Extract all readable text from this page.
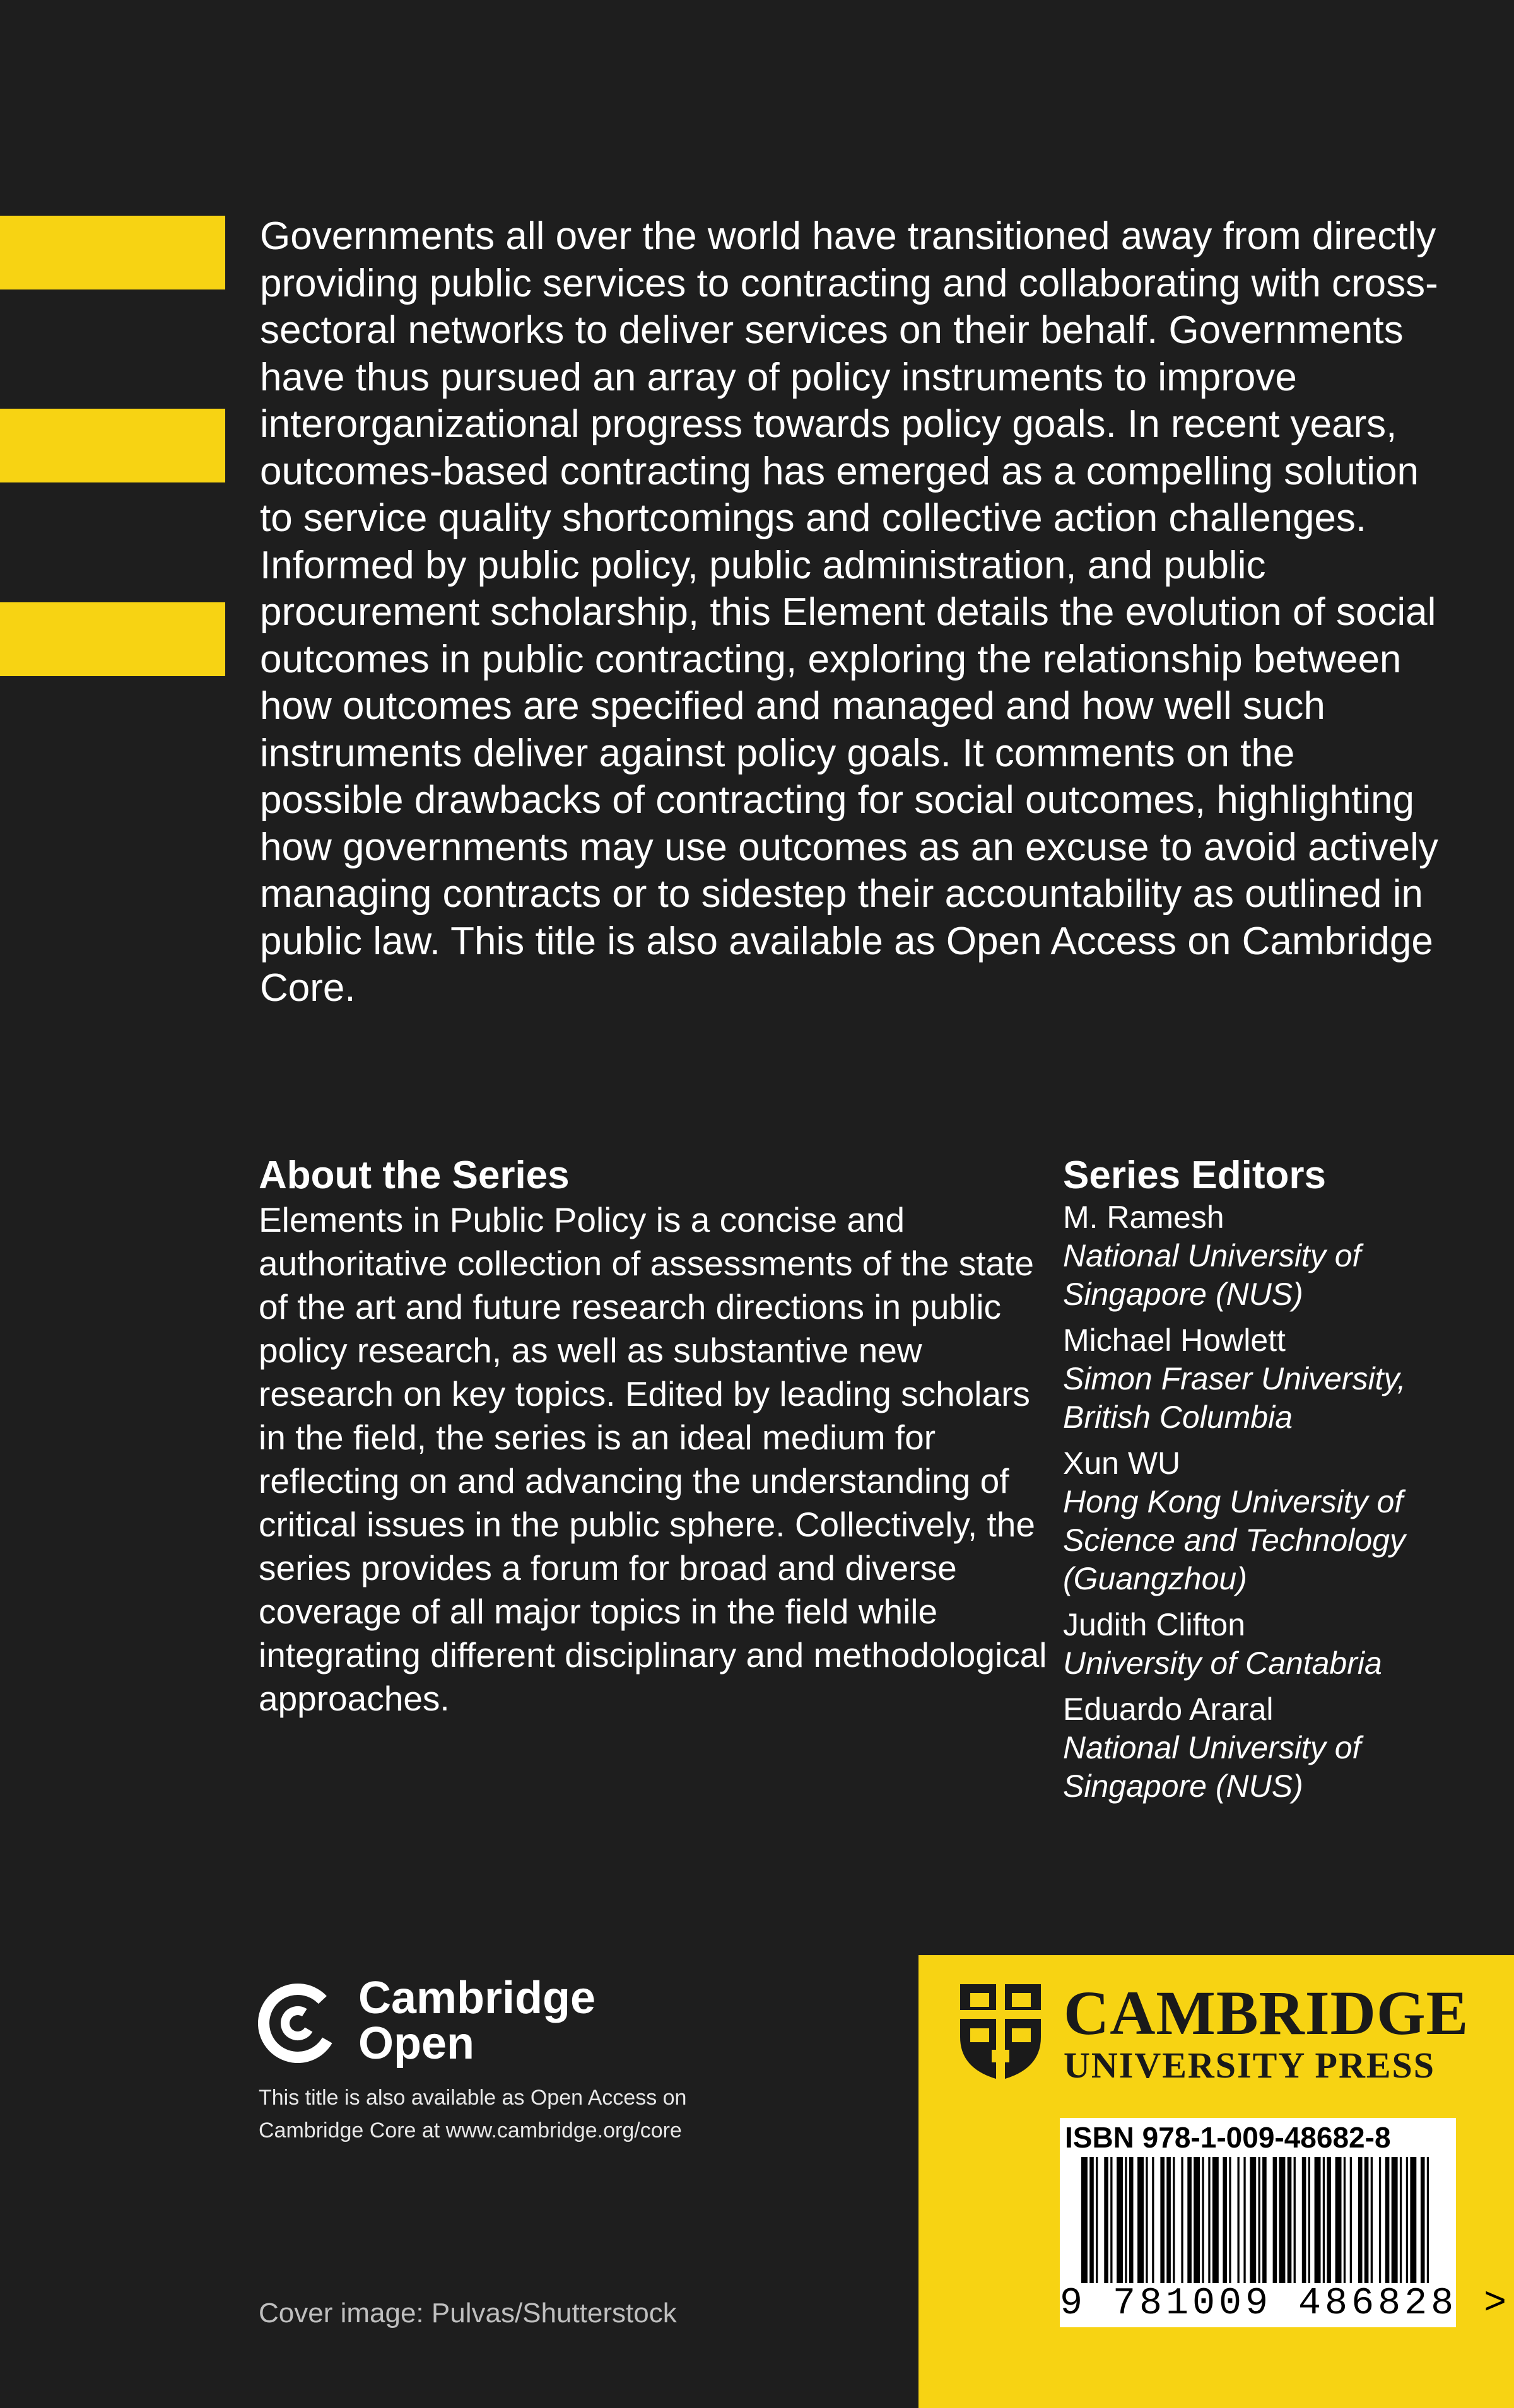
Governments all over the world have transitioned away from directly providing public services to contracting and collaborating with cross-sectoral networks to deliver services on their behalf. Governments have thus pursued an array of policy instruments to improve interorganizational progress towards policy goals. In recent years, outcomes-based contracting has emerged as a compelling solution to service quality shortcomings and collective action challenges. Informed by public policy, public administration, and public procurement scholarship, this Element details the evolution of social outcomes in public contracting, exploring the relationship between how outcomes are specified and managed and how well such instruments deliver against policy goals. It comments on the possible drawbacks of contracting for social outcomes, highlighting how governments may use outcomes as an excuse to avoid actively managing contracts or to sidestep their accountability as outlined in public law. This title is also available as Open Access on Cambridge Core.

About the Series

Elements in Public Policy is a concise and authoritative collection of assessments of the state of the art and future research directions in public policy research, as well as substantive new research on key topics. Edited by leading scholars in the field, the series is an ideal medium for reflecting on and advancing the understanding of critical issues in the public sphere. Collectively, the series provides a forum for broad and diverse coverage of all major topics in the field while integrating different disciplinary and methodological approaches.

Series Editors
M. Ramesh
National University of Singapore (NUS)
Michael Howlett
Simon Fraser University, British Columbia
Xun WU
Hong Kong University of Science and Technology (Guangzhou)
Judith Clifton
University of Cantabria
Eduardo Araral
National University of Singapore (NUS)
Cambridge
Open

This title is also available as Open Access on Cambridge Core at www.cambridge.org/core

Cover image: Pulvas/Shutterstock
CAMBRIDGE
UNIVERSITY PRESS
ISBN 978-1-009-48682-8
9 781009 486828 >
